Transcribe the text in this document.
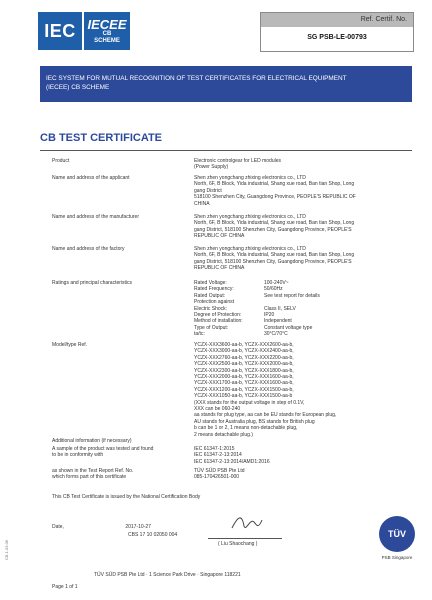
IEC IECEE
CB
SCHEME
Ref. Certif. No.
SG PSB-LE-00793
IEC SYSTEM FOR MUTUAL RECOGNITION OF TEST CERTIFICATES FOR ELECTRICAL EQUIPMENT
(IECEE) CB SCHEME
CB TEST CERTIFICATE
Product	Electronic controlgear for LED modules
(Power Supply)
Name and address of the applicant	Shen zhen yongchang zhixing electronics co., LTD
North, 6F, B Block, Yida industrial, Shang xue road, Ban tian Shop, Long
gang District
518100 Shenzhen City, Guangdong Province, PEOPLE'S REPUBLIC OF
CHINA
Name and address of the manufacturer	Shen zhen yongchang zhixing electronics co., LTD
North, 6F, B Block, Yida industrial, Shang xue road, Ban tian Shop, Long
gang District, 518100 Shenzhen City, Guangdong Province, PEOPLE'S
REPUBLIC OF CHINA
Name and address of the factory	Shen zhen yongchang zhixing electronics co., LTD
North, 6F, B Block, Yida industrial, Shang xue road, Ban tian Shop, Long
gang District, 518100 Shenzhen City, Guangdong Province, PEOPLE'S
REPUBLIC OF CHINA
Ratings and principal characteristics	Rated Voltage:	100-240V~
Rated Frequency:	50/60Hz
Rated Output:	See test report for details
Protection against
Electric Shock:	Class II, SELV
Degree of Protection:	IP20
Method of installation:	Independent
Type of Output:	Constant voltage type
ta/tc:	30°C/70°C
Model/type Ref.	YCZX-XXX3600-aa-b, YCZX-XXX2600-aa-b,
YCZX-XXX3000-aa-b, YCZX-XXX2400-aa-b,
YCZX-XXX2760-aa-b, YCZX-XXX2200-aa-b,
YCZX-XXX2500-aa-b, YCZX-XXX2000-aa-b,
YCZX-XXX2300-aa-b, YCZX-XXX1800-aa-b,
YCZX-XXX2000-aa-b, YCZX-XXX1600-aa-b,
YCZX-XXX1700-aa-b, YCZX-XXX1600-aa-b,
YCZX-XXX1200-aa-b, YCZX-XXX1500-aa-b,
YCZX-XXX1050-aa-b, YCZX-XXX1500-aa-b
(XXX stands for the output voltage in step of 0.1V,
XXX can be 060-240
aa stands for plug type, aa can be EU stands for European plug,
AU stands for Australia plug, BS stands for British plug
b can be 1 or 2, 1 means non-detachable plug,
2 means detachable plug.)
Additional information (if necessary)
A sample of the product was tested and found
to be in conformity with
IEC 61347-1:2015
IEC 61347-2-13:2014
IEC 61347-2-13:2014/AMD1:2016
as shown in the Test Report Ref. No.
which forms part of this certificate
TÜV SÜD PSB Pte Ltd
085-170426501-000
This CB Test Certificate is issued by the National Certification Body
Date,	2017-10-27
CBS 17 10 02050 004
( Liu Shaochang )
TÜV
PSB Singapore
TÜV SÜD PSB Pte Ltd · 1 Science Park Drive · Singapore 118221
Page 1 of 1
CB 1.03.06
